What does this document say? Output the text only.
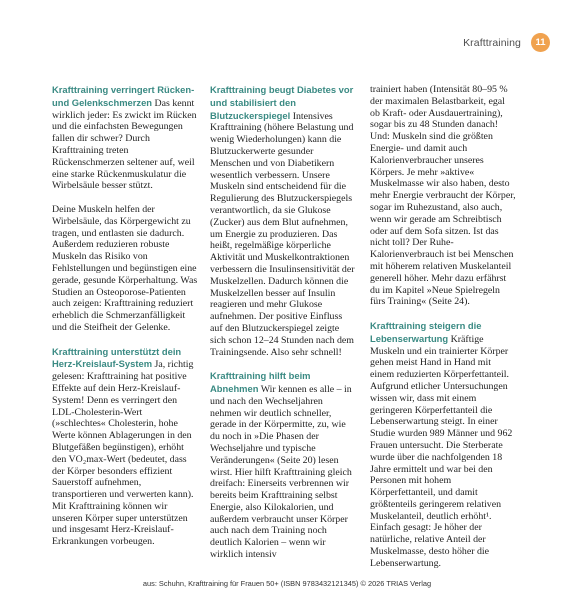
Krafttraining	11

Krafttraining verringert Rücken- und Gelenkschmerzen Das kennt wirklich jeder: Es zwickt im Rücken und die einfachsten Bewegungen fallen dir schwer? Durch Krafttraining treten Rückenschmerzen seltener auf, weil eine starke Rückenmuskulatur die Wirbelsäule besser stützt.

Deine Muskeln helfen der Wirbelsäule, das Körpergewicht zu tragen, und entlasten sie dadurch. Außerdem reduzieren robuste Muskeln das Risiko von Fehlstellungen und begünstigen eine gerade, gesunde Körperhaltung. Was Studien an Osteoporose-Patienten auch zeigen: Krafttraining reduziert erheblich die Schmerzanfälligkeit und die Steifheit der Gelenke.

Krafttraining unterstützt dein Herz-Kreislauf-System Ja, richtig gelesen: Krafttraining hat positive Effekte auf dein Herz-Kreislauf-System! Denn es verringert den LDL-Cholesterin-Wert (»schlechtes« Cholesterin, hohe Werte können Ablagerungen in den Blutgefäßen begünstigen), erhöht den VO₂max-Wert (bedeutet, dass der Körper besonders effizient Sauerstoff aufnehmen, transportieren und verwerten kann). Mit Krafttraining können wir unseren Körper super unterstützen und insgesamt Herz-Kreislauf-Erkrankungen vorbeugen.

Krafttraining beugt Diabetes vor und stabilisiert den Blutzuckerspiegel Intensives Krafttraining (höhere Belastung und wenig Wiederholungen) kann die Blutzuckerwerte gesunder Menschen und von Diabetikern wesentlich verbessern. Unsere Muskeln sind entscheidend für die Regulierung des Blutzuckerspiegels verantwortlich, da sie Glukose (Zucker) aus dem Blut aufnehmen, um Energie zu produzieren. Das heißt, regelmäßige körperliche Aktivität und Muskelkontraktionen verbessern die Insulinsensitivität der Muskelzellen. Dadurch können die Muskelzellen besser auf Insulin reagieren und mehr Glukose aufnehmen. Der positive Einfluss auf den Blutzuckerspiegel zeigte sich schon 12–24 Stunden nach dem Trainingsende. Also sehr schnell!

Krafttraining hilft beim Abnehmen Wir kennen es alle – in und nach den Wechseljahren nehmen wir deutlich schneller, gerade in der Körpermitte, zu, wie du noch in »Die Phasen der Wechseljahre und typische Veränderungen« (Seite 20) lesen wirst. Hier hilft Krafttraining gleich dreifach: Einerseits verbrennen wir bereits beim Krafttraining selbst Energie, also Kilokalorien, und außerdem verbraucht unser Körper auch nach dem Training noch deutlich Kalorien – wenn wir wirklich intensiv

trainiert haben (Intensität 80–95 % der maximalen Belastbarkeit, egal ob Kraft- oder Ausdauertraining), sogar bis zu 48 Stunden danach! Und: Muskeln sind die größten Energie- und damit auch Kalorienverbraucher unseres Körpers. Je mehr »aktive« Muskelmasse wir also haben, desto mehr Energie verbraucht der Körper, sogar im Ruhezustand, also auch, wenn wir gerade am Schreibtisch oder auf dem Sofa sitzen. Ist das nicht toll? Der Ruhe-Kalorienverbrauch ist bei Menschen mit höherem relativen Muskelanteil generell höher. Mehr dazu erfährst du im Kapitel »Neue Spielregeln fürs Training« (Seite 24).

Krafttraining steigern die Lebenserwartung Kräftige Muskeln und ein trainierter Körper gehen meist Hand in Hand mit einem reduzierten Körperfettanteil. Aufgrund etlicher Untersuchungen wissen wir, dass mit einem geringeren Körperfettanteil die Lebenserwartung steigt. In einer Studie wurden 989 Männer und 962 Frauen untersucht. Die Sterberate wurde über die nachfolgenden 18 Jahre ermittelt und war bei den Personen mit hohem Körperfettanteil, und damit größtenteils geringerem relativen Muskelanteil, deutlich erhöht¹. Einfach gesagt: Je höher der natürliche, relative Anteil der Muskelmasse, desto höher die Lebenserwartung.

aus: Schuhn, Krafttraining für Frauen 50+ (ISBN 9783432121345) © 2026 TRIAS Verlag
